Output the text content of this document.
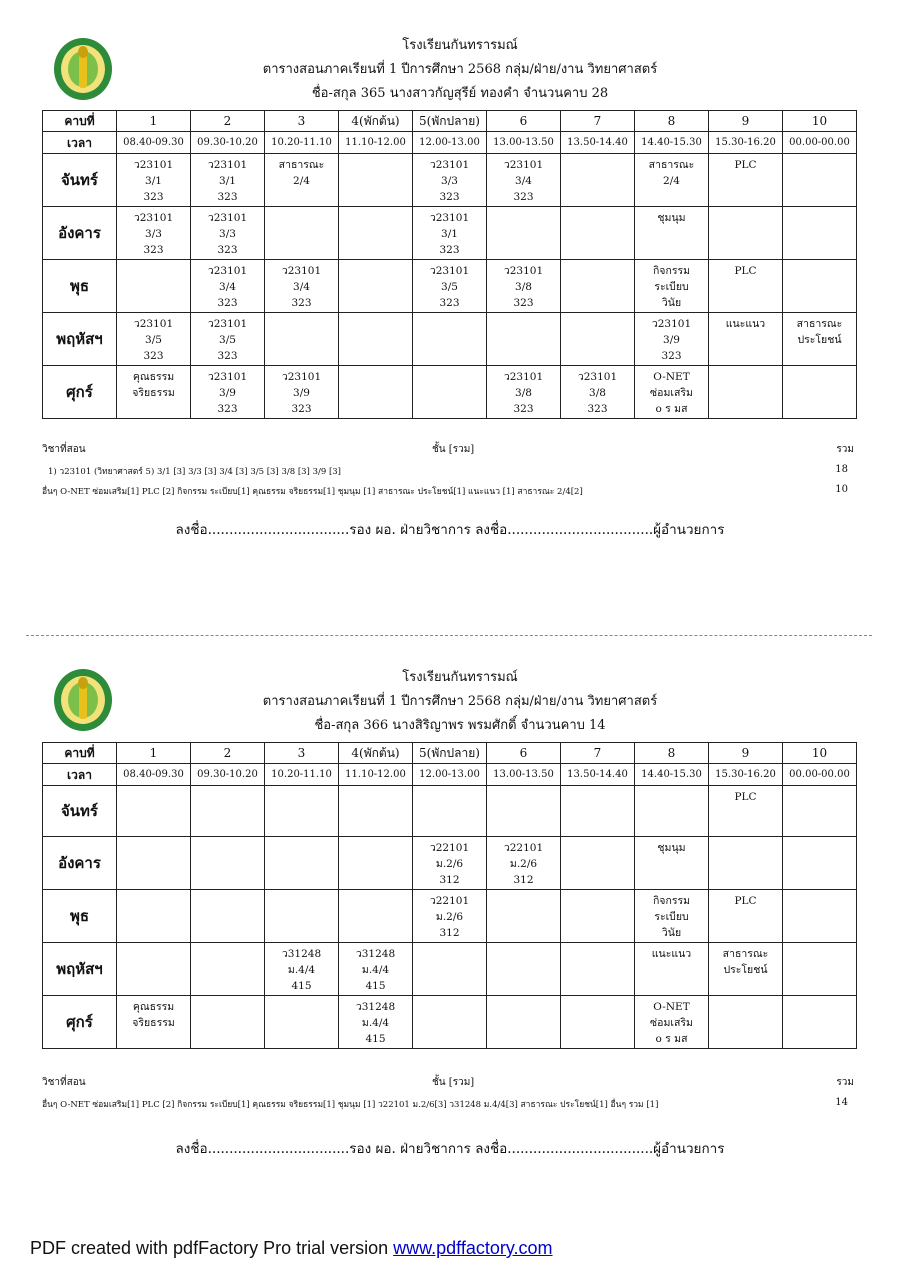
โรงเรียนกันทรารมณ์
ตารางสอนภาคเรียนที่ 1 ปีการศึกษา 2568 กลุ่ม/ฝ่าย/งาน วิทยาศาสตร์
ชื่อ-สกุล 365 นางสาวกัญสุรีย์ ทองคำ จำนวนคาบ 28
คาบที่	1	2	3	4(พักต้น)	5(พักปลาย)	6	7	8	9	10
เวลา	08.40-09.30	09.30-10.20	10.20-11.10	11.10-12.00	12.00-13.00	13.00-13.50	13.50-14.40	14.40-15.30	15.30-16.20	00.00-00.00
จันทร์	ว23101
3/1
323	ว23101
3/1
323	สาธารณะ
2/4		ว23101
3/3
323	ว23101
3/4
323		สาธารณะ
2/4	PLC	

อังคาร	ว23101
3/3
323	ว23101
3/3
323			ว23101
3/1
323			ชุมนุม		

พุธ		ว23101
3/4
323	ว23101
3/4
323		ว23101
3/5
323	ว23101
3/8
323		กิจกรรม
ระเบียบ
วินัย	PLC	

พฤหัสฯ	ว23101
3/5
323	ว23101
3/5
323						ว23101
3/9
323	แนะแนว	สาธารณะ
ประโยชน์

ศุกร์	คุณธรรม
จริยธรรม	ว23101
3/9
323	ว23101
3/9
323			ว23101
3/8
323	ว23101
3/8
323	O-NET
ซ่อมเสริม
o ร มส		

วิชาที่สอน	ชั้น [รวม]	รวม
1) ว23101 (วิทยาศาสตร์ 5) 3/1 [3] 3/3 [3] 3/4 [3] 3/5 [3] 3/8 [3] 3/9 [3]	18
อื่นๆ O-NET ซ่อมเสริม[1] PLC [2] กิจกรรม ระเบียบ[1] คุณธรรม จริยธรรม[1] ชุมนุม [1] สาธารณะ ประโยชน์[1] แนะแนว [1] สาธารณะ 2/4[2]	10
ลงชื่อ.................................รอง ผอ. ฝ่ายวิชาการ ลงชื่อ..................................ผู้อำนวยการ
โรงเรียนกันทรารมณ์
ตารางสอนภาคเรียนที่ 1 ปีการศึกษา 2568 กลุ่ม/ฝ่าย/งาน วิทยาศาสตร์
ชื่อ-สกุล 366 นางสิริญาพร พรมศักดิ์ จำนวนคาบ 14
คาบที่	1	2	3	4(พักต้น)	5(พักปลาย)	6	7	8	9	10
เวลา	08.40-09.30	09.30-10.20	10.20-11.10	11.10-12.00	12.00-13.00	13.00-13.50	13.50-14.40	14.40-15.30	15.30-16.20	00.00-00.00
จันทร์									PLC	

อังคาร					ว22101
ม.2/6
312	ว22101
ม.2/6
312		ชุมนุม		

พุธ					ว22101
ม.2/6
312			กิจกรรม
ระเบียบ
วินัย	PLC	

พฤหัสฯ			ว31248
ม.4/4
415	ว31248
ม.4/4
415				แนะแนว	สาธารณะ
ประโยชน์	

ศุกร์	คุณธรรม
จริยธรรม			ว31248
ม.4/4
415				O-NET
ซ่อมเสริม
o ร มส		

วิชาที่สอน	ชั้น [รวม]	รวม
อื่นๆ O-NET ซ่อมเสริม[1] PLC [2] กิจกรรม ระเบียบ[1] คุณธรรม จริยธรรม[1] ชุมนุม [1] ว22101 ม.2/6[3] ว31248 ม.4/4[3] สาธารณะ ประโยชน์[1] อื่นๆ รวม [1]	14
ลงชื่อ.................................รอง ผอ. ฝ่ายวิชาการ ลงชื่อ..................................ผู้อำนวยการ
PDF created with pdfFactory Pro trial version www.pdffactory.com
